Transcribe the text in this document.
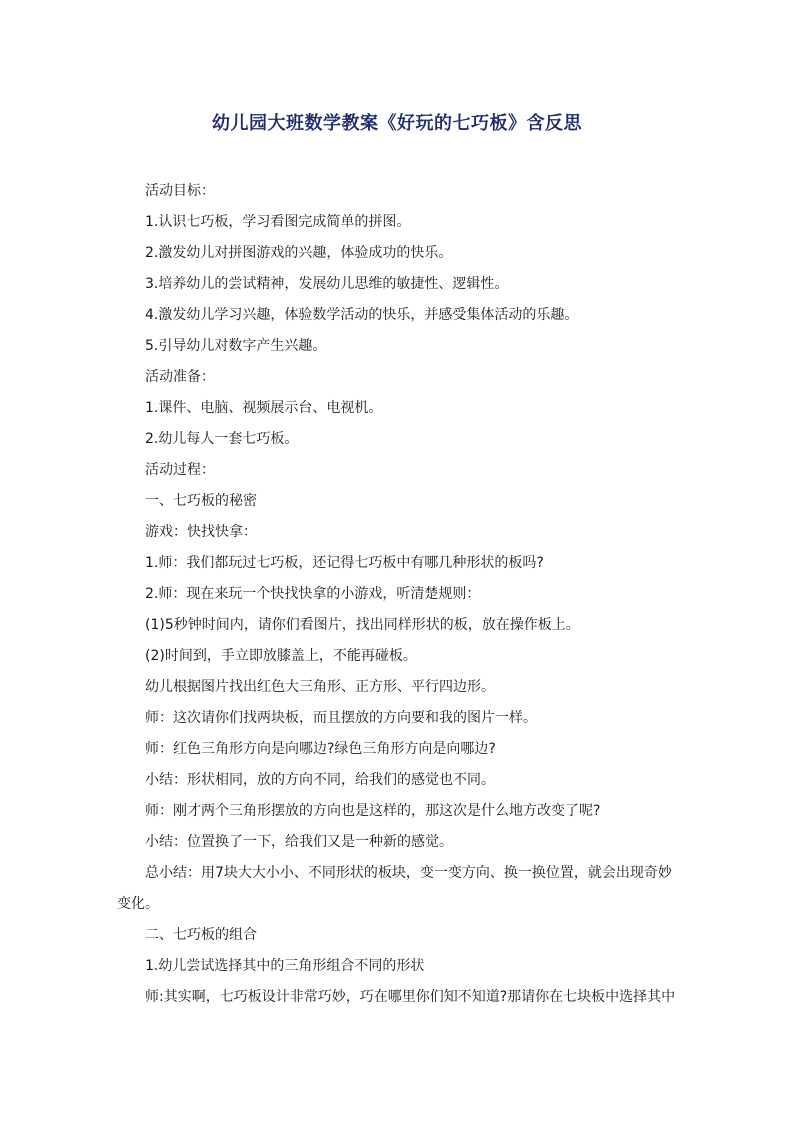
幼儿园大班数学教案《好玩的七巧板》含反思
活动目标：
1.认识七巧板，学习看图完成简单的拼图。
2.激发幼儿对拼图游戏的兴趣，体验成功的快乐。
3.培养幼儿的尝试精神，发展幼儿思维的敏捷性、逻辑性。
4.激发幼儿学习兴趣，体验数学活动的快乐，并感受集体活动的乐趣。
5.引导幼儿对数字产生兴趣。
活动准备：
1.课件、电脑、视频展示台、电视机。
2.幼儿每人一套七巧板。
活动过程：
一、七巧板的秘密
游戏：快找快拿：
1.师：我们都玩过七巧板，还记得七巧板中有哪几种形状的板吗?
2.师：现在来玩一个快找快拿的小游戏，听清楚规则：
(1)5秒钟时间内，请你们看图片，找出同样形状的板，放在操作板上。
(2)时间到，手立即放膝盖上，不能再碰板。
幼儿根据图片找出红色大三角形、正方形、平行四边形。
师：这次请你们找两块板，而且摆放的方向要和我的图片一样。
师：红色三角形方向是向哪边?绿色三角形方向是向哪边?
小结：形状相同，放的方向不同，给我们的感觉也不同。
师：刚才两个三角形摆放的方向也是这样的，那这次是什么地方改变了呢?
小结：位置换了一下，给我们又是一种新的感觉。
总小结：用7块大大小小、不同形状的板块，变一变方向、换一换位置，就会出现奇妙
变化。
二、七巧板的组合
1.幼儿尝试选择其中的三角形组合不同的形状
师:其实啊，七巧板设计非常巧妙，巧在哪里你们知不知道?那请你在七块板中选择其中
